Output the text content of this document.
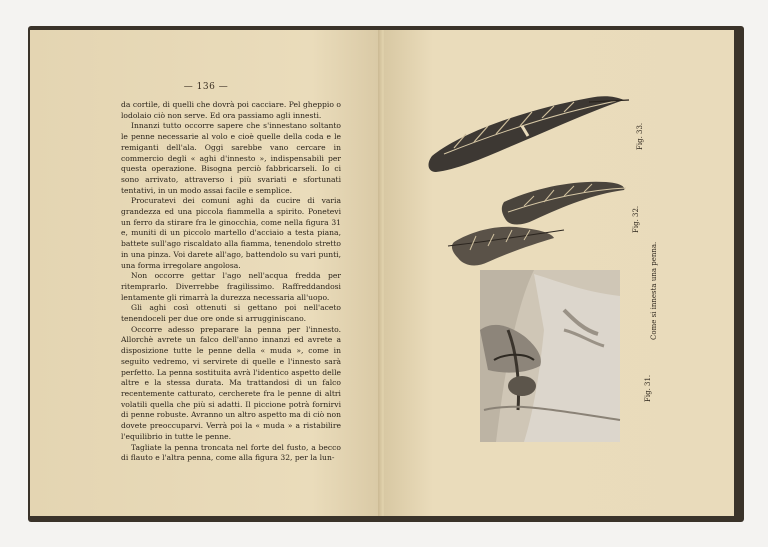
— 136 —

da cortile, di quelli che dovrà poi cacciare. Pel gheppio o lodolaio ciò non serve. Ed ora passiamo agli innesti.

Innanzi tutto occorre sapere che s'innestano soltanto le penne necessarie al volo e cioè quelle della coda e le remiganti dell'ala. Oggi sarebbe vano cercare in commercio degli « aghi d'innesto », indispensabili per questa operazione. Bisogna perciò fabbricarseli. Io ci sono arrivato, attraverso i più svariati e sfortunati tentativi, in un modo assai facile e semplice.

Procuratevi dei comuni aghi da cucire di varia grandezza ed una piccola fiammella a spirito. Ponetevi un ferro da stirare fra le ginocchia, come nella figura 31 e, muniti di un piccolo martello d'acciaio a testa piana, battete sull'ago riscaldato alla fiamma, tenendolo stretto in una pinza. Voi darete all'ago, battendolo su vari punti, una forma irregolare angolosa.

Non occorre gettar l'ago nell'acqua fredda per ritemprarlo. Diverrebbe fragilissimo. Raffreddandosi lentamente gli rimarrà la durezza necessaria all'uopo.

Gli aghi così ottenuti si gettano poi nell'aceto tenendoceli per due ore onde si arrugginiscano.

Occorre adesso preparare la penna per l'innesto. Allorchè avrete un falco dell'anno innanzi ed avrete a disposizione tutte le penne della « muda », come in seguito vedremo, vi servirete di quelle e l'innesto sarà perfetto. La penna sostituita avrà l'identico aspetto delle altre e la stessa durata. Ma trattandosi di un falco recentemente catturato, cercherete fra le penne di altri volatili quella che più si adatti. Il piccione potrà fornirvi di penne robuste. Avranno un altro aspetto ma di ciò non dovete preoccuparvi. Verrà poi la « muda » a ristabilire l'equilibrio in tutte le penne.

Tagliate la penna troncata nel forte del fusto, a becco di flauto e l'altra penna, come alla figura 32, per la lun-

Fig. 33.
Fig. 32.
Fig. 31.
Come si innesta una penna.
